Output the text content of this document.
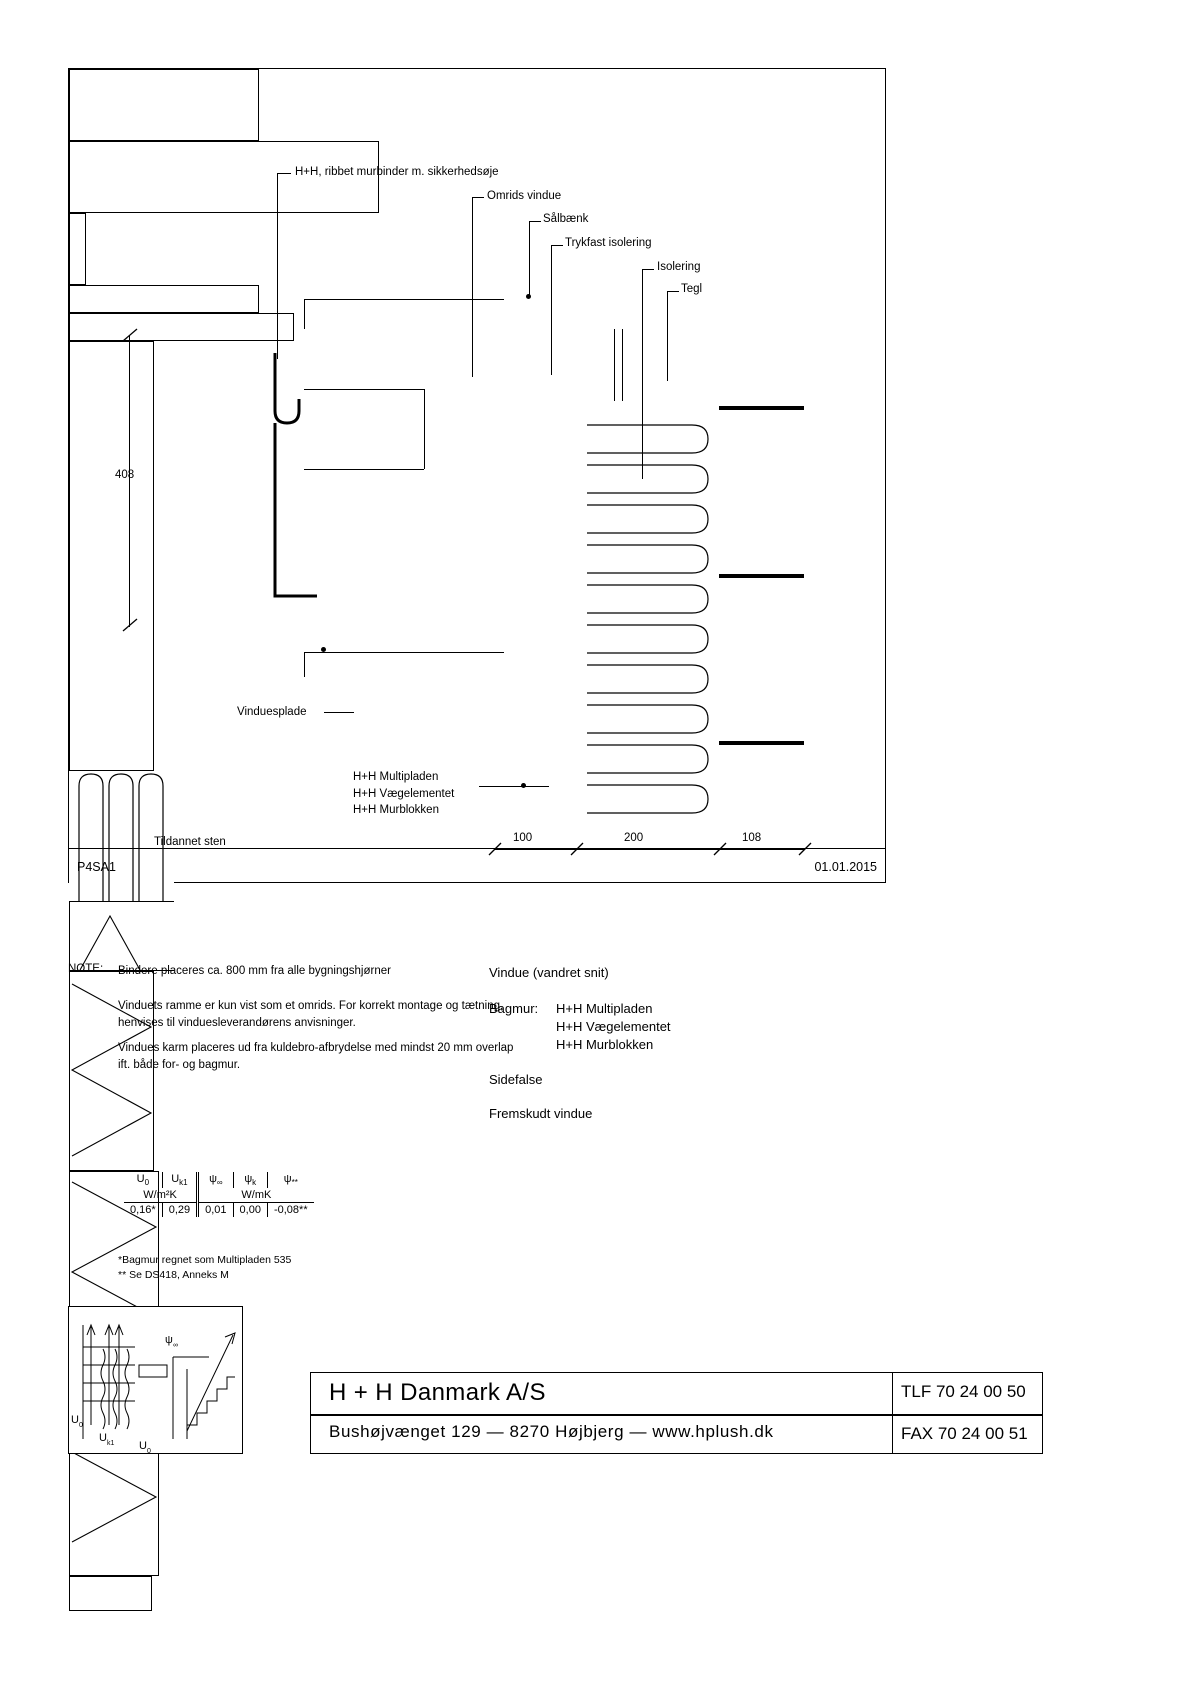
P4SA1	01.01.2015
408
100	200	108
H+H, ribbet murbinder m. sikkerhedsøje
Omrids vindue
Sålbænk
Trykfast isolering
Isolering
Tegl
Vinduesplade
H+H Multipladen
H+H Vægelementet
H+H Murblokken
Tildannet sten
NOTE: Bindere placeres ca. 800 mm fra alle bygningshjørner
Vinduets ramme er kun vist som et omrids. For korrekt montage og tætning, henvises til vinduesleverandørens anvisninger.
Vindues karm placeres ud fra kuldebro-afbrydelse med mindst 20 mm overlap ift. både for- og bagmur.
Vindue (vandret snit)
Bagmur: H+H Multipladen
H+H Vægelementet
H+H Murblokken
Sidefalse
Fremskudt vindue
$U_0$	$U_{k1}$	$\psi_\infty$	$\psi_k$	$\psi_{**}$
W/m²K		W/mK		
0,16*	0,29	0,01	0,00	-0,08**
*Bagmur regnet som Multipladen 535
** Se DS418, Anneks M
U 0
U k1 U 0
ψ ∞
H + H Danmark A/S
Bushøjvænget 129 — 8270 Højbjerg — www.hplush.dk
TLF 70 24 00 50
FAX 70 24 00 51
